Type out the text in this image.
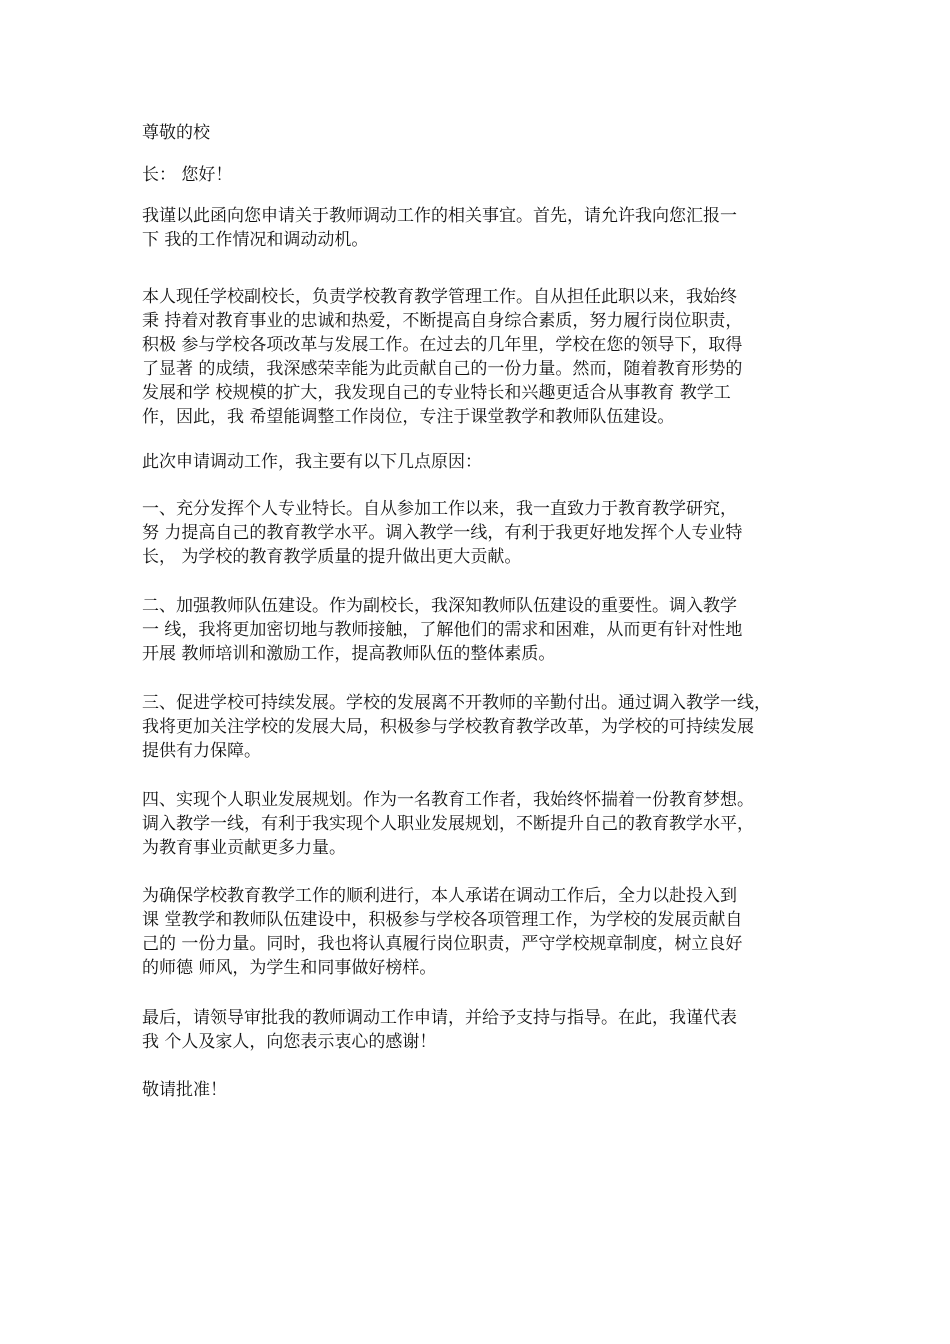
尊敬的校
长： 您好！
我谨以此函向您申请关于教师调动工作的相关事宜。首先，请允许我向您汇报一
下 我的工作情况和调动动机。
本人现任学校副校长，负责学校教育教学管理工作。自从担任此职以来，我始终
秉 持着对教育事业的忠诚和热爱，不断提高自身综合素质，努力履行岗位职责，
积极 参与学校各项改革与发展工作。在过去的几年里，学校在您的领导下，取得
了显著 的成绩，我深感荣幸能为此贡献自己的一份力量。然而，随着教育形势的
发展和学 校规模的扩大，我发现自己的专业特长和兴趣更适合从事教育 教学工
作，因此，我 希望能调整工作岗位，专注于课堂教学和教师队伍建设。
此次申请调动工作，我主要有以下几点原因：
一、充分发挥个人专业特长。自从参加工作以来，我一直致力于教育教学研究，
努 力提高自己的教育教学水平。调入教学一线，有利于我更好地发挥个人专业特
长， 为学校的教育教学质量的提升做出更大贡献。
二、加强教师队伍建设。作为副校长，我深知教师队伍建设的重要性。调入教学
一 线，我将更加密切地与教师接触，了解他们的需求和困难，从而更有针对性地
开展 教师培训和激励工作，提高教师队伍的整体素质。
三、促进学校可持续发展。学校的发展离不开教师的辛勤付出。通过调入教学一线，
我将更加关注学校的发展大局，积极参与学校教育教学改革，为学校的可持续发展
提供有力保障。
四、实现个人职业发展规划。作为一名教育工作者，我始终怀揣着一份教育梦想。
调入教学一线，有利于我实现个人职业发展规划，不断提升自己的教育教学水平，
为教育事业贡献更多力量。
为确保学校教育教学工作的顺利进行，本人承诺在调动工作后，全力以赴投入到
课 堂教学和教师队伍建设中，积极参与学校各项管理工作，为学校的发展贡献自
己的 一份力量。同时，我也将认真履行岗位职责，严守学校规章制度，树立良好
的师德 师风，为学生和同事做好榜样。
最后，请领导审批我的教师调动工作申请，并给予支持与指导。在此，我谨代表
我 个人及家人，向您表示衷心的感谢！
敬请批准！
